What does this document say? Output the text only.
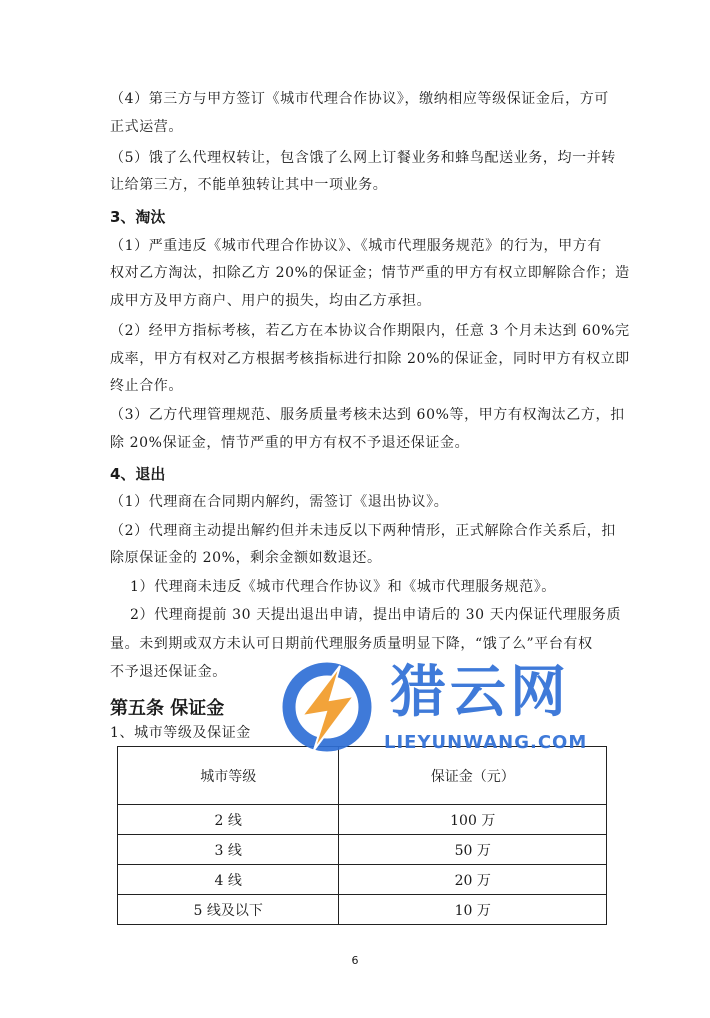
（4）第三方与甲方签订《城市代理合作协议》，缴纳相应等级保证金后，方可
正式运营。
（5）饿了么代理权转让，包含饿了么网上订餐业务和蜂鸟配送业务，均一并转
让给第三方，不能单独转让其中一项业务。
3、淘汰
（1）严重违反《城市代理合作协议》、《城市代理服务规范》的行为，甲方有
权对乙方淘汰，扣除乙方 20%的保证金；情节严重的甲方有权立即解除合作；造
成甲方及甲方商户、用户的损失，均由乙方承担。
（2）经甲方指标考核，若乙方在本协议合作期限内，任意 3 个月未达到 60%完
成率，甲方有权对乙方根据考核指标进行扣除 20%的保证金，同时甲方有权立即
终止合作。
（3）乙方代理管理规范、服务质量考核未达到 60%等，甲方有权淘汰乙方，扣
除 20%保证金，情节严重的甲方有权不予退还保证金。
4、退出
（1）代理商在合同期内解约，需签订《退出协议》。
（2）代理商主动提出解约但并未违反以下两种情形，正式解除合作关系后，扣
除原保证金的 20%，剩余金额如数退还。
1）代理商未违反《城市代理合作协议》和《城市代理服务规范》。
2）代理商提前 30 天提出退出申请，提出申请后的 30 天内保证代理服务质
量。未到期或双方未认可日期前代理服务质量明显下降，“饿了么”平台有权
不予退还保证金。
第五条 保证金
1、城市等级及保证金
城市等级	保证金（元）
2 线	100 万
3 线	50 万
4 线	20 万
5 线及以下	10 万
猎云网
LIEYUNWANG.COM
6
